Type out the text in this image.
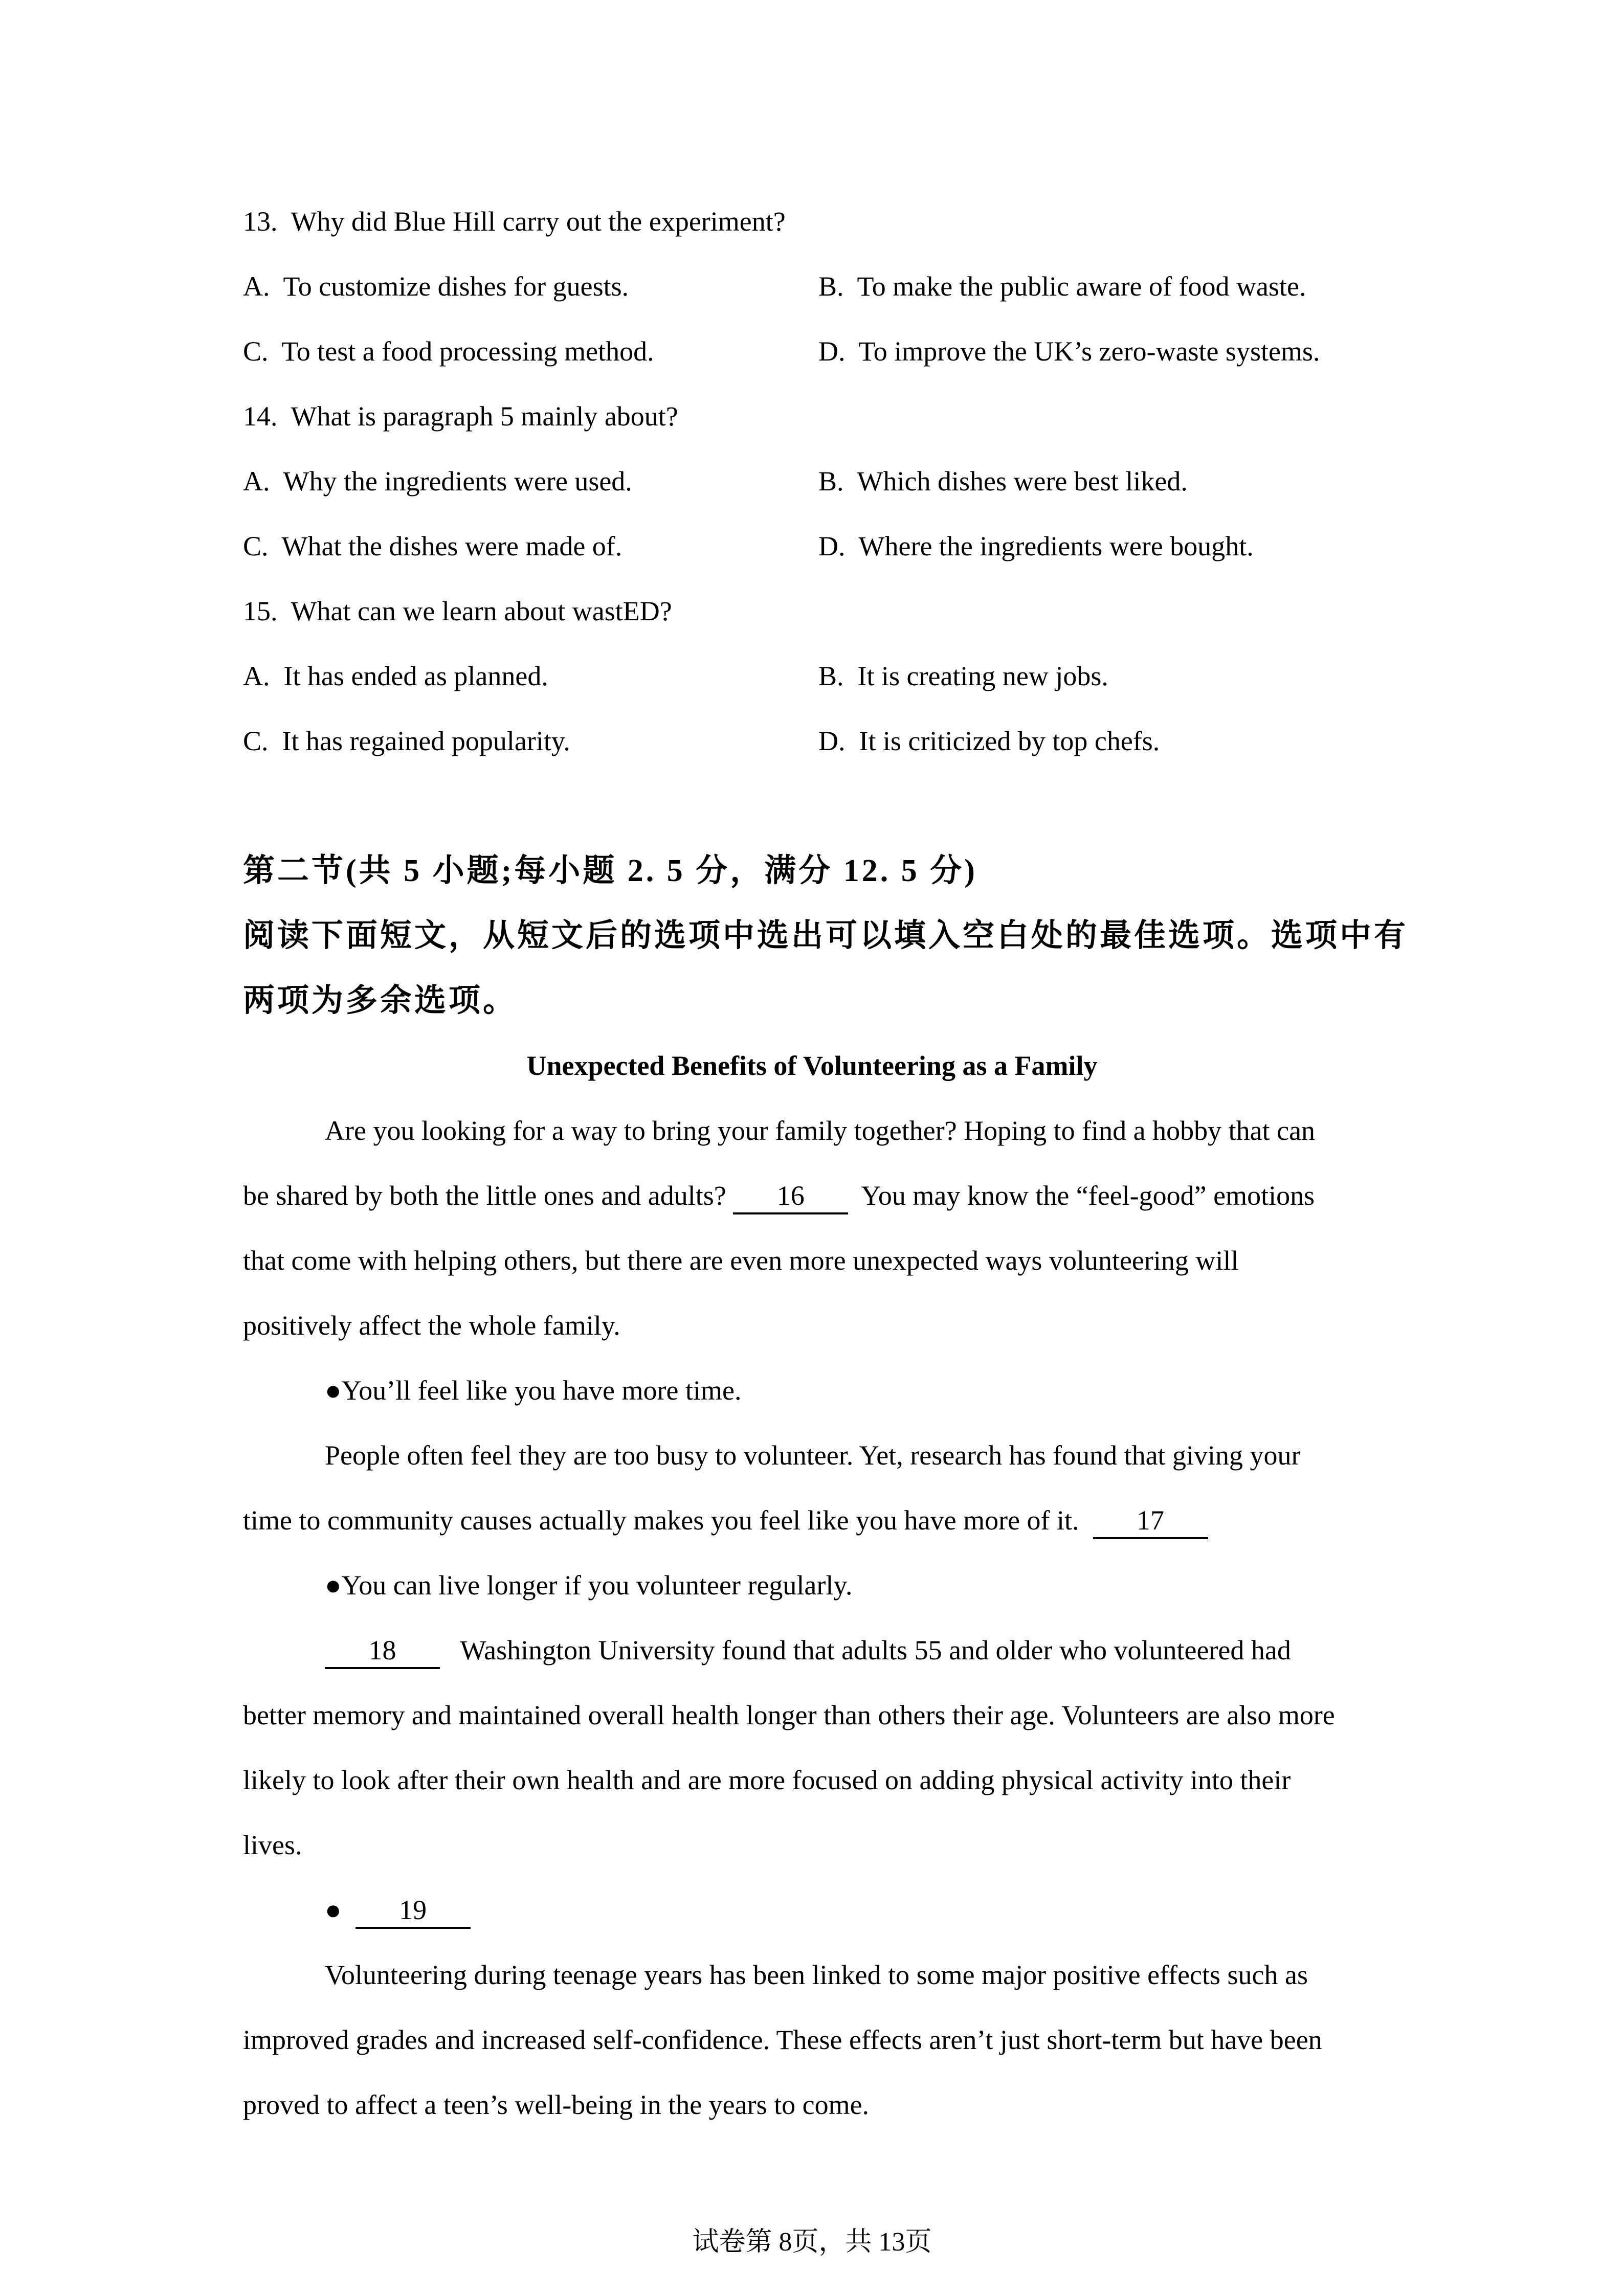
13.  Why did Blue Hill carry out the experiment?
A.  To customize dishes for guests.	B.  To make the public aware of food waste.
C.  To test a food processing method.	D.  To improve the UK’s zero-waste systems.
14.  What is paragraph 5 mainly about?
A.  Why the ingredients were used.	B.  Which dishes were best liked.
C.  What the dishes were made of.	D.  Where the ingredients were bought.
15.  What can we learn about wastED?
A.  It has ended as planned.	B.  It is creating new jobs.
C.  It has regained popularity.	D.  It is criticized by top chefs.
第二节(共 5 小题;每小题 2. 5 分，满分 12. 5 分)
阅读下面短文，从短文后的选项中选出可以填入空白处的最佳选项。选项中有
两项为多余选项。
Unexpected Benefits of Volunteering as a Family
Are you looking for a way to bring your family together? Hoping to find a hobby that can
be shared by both the little ones and adults? 16  You may know the “feel-good” emotions
that come with helping others, but there are even more unexpected ways volunteering will
positively affect the whole family.
●You’ll feel like you have more time.
People often feel they are too busy to volunteer. Yet, research has found that giving your
time to community causes actually makes you feel like you have more of it.  17
●You can live longer if you volunteer regularly.
18   Washington University found that adults 55 and older who volunteered had
better memory and maintained overall health longer than others their age. Volunteers are also more
likely to look after their own health and are more focused on adding physical activity into their
lives.
●  19
Volunteering during teenage years has been linked to some major positive effects such as
improved grades and increased self-confidence. These effects aren’t just short-term but have been
proved to affect a teen’s well-being in the years to come.
试卷第 8页，共 13页
